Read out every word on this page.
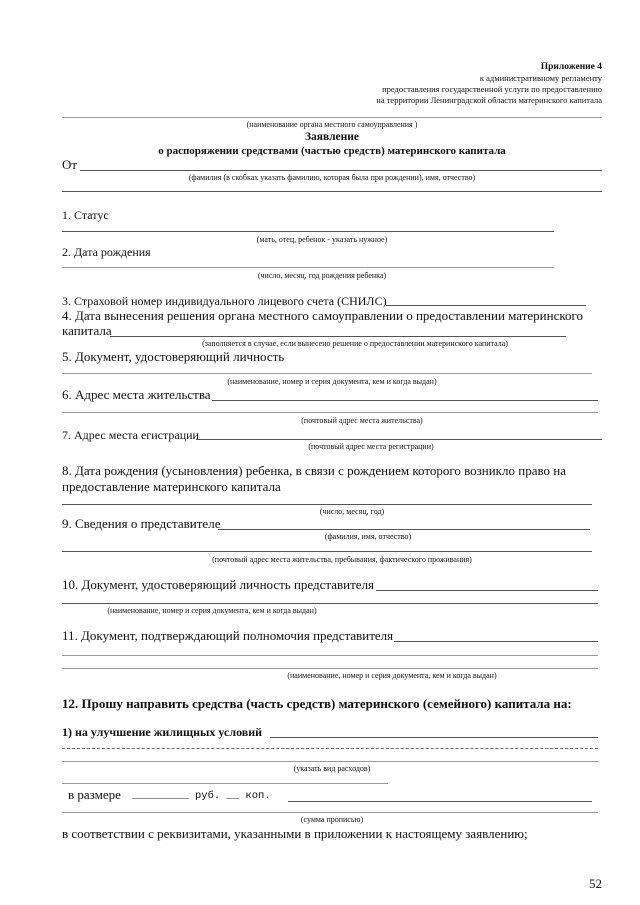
Приложение 4
к административному регламенту
предоставления государственной услуги по предоставлению
на территории Ленинградской области материнского капитала
(наименование органа местного самоуправления )
Заявление
о распоряжении средствами (частью средств) материнского капитала
От
(фамилия (в скобках указать фамилию, которая была при рождении), имя, отчество)
1. Статус
(мать, отец, ребенок - указать нужное)
2. Дата рождения
(число, месяц, год рождения ребенка)
3. Страховой номер индивидуального лицевого счета (СНИЛС)
4. Дата вынесения решения органа местного самоуправлении о предоставлении материнского
капитала
(заполняется в случае, если вынесено решение о предоставлении материнского капитала)
5. Документ, удостоверяющий личность
(наименование, номер и серия документа, кем и когда выдан)
6. Адрес места жительства
(почтовый адрес места жительства)
7. Адрес места егистрации
(почтовый адрес места регистрации)
8. Дата рождения (усыновления) ребенка, в связи с рождением которого возникло право на
предоставление материнского капитала
(число, месяц, год)
9. Сведения о представителе
(фамилия, имя, отчество)
(почтовый адрес места жительства, пребывания, фактического проживания)
10. Документ, удостоверяющий личность представителя
(наименование, номер и серия документа, кем и когда выдан)
11. Документ, подтверждающий полномочия представителя
(наименование, номер и серия документа, кем и когда выдан)
12. Прошу направить средства (часть средств) материнского (семейного) капитала на:
1) на улучшение жилищных условий
(указать вид расходов)
в размере _________ руб. __ коп.
(сумма прописью)
в соответствии с реквизитами, указанными в приложении к настоящему заявлению;
52
